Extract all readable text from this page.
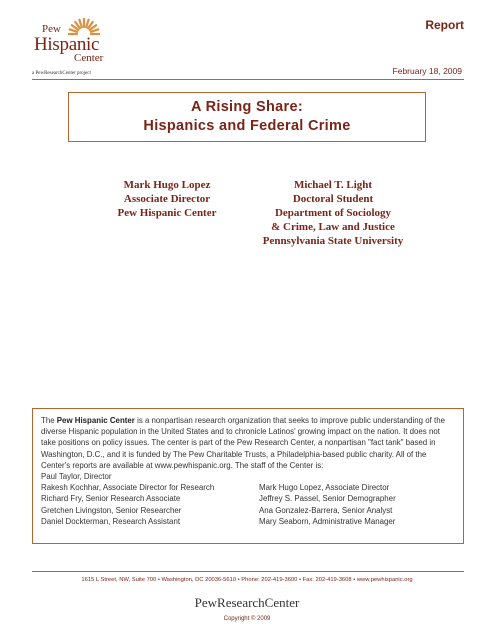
Pew
Hispanic
Center
a PewResearchCenter project
Report
February 18, 2009
A Rising Share:
Hispanics and Federal Crime
Mark Hugo Lopez
Associate Director
Pew Hispanic Center
Michael T. Light
Doctoral Student
Department of Sociology
& Crime, Law and Justice
Pennsylvania State University
The Pew Hispanic Center is a nonpartisan research organization that seeks to improve public understanding of the diverse Hispanic population in the United States and to chronicle Latinos' growing impact on the nation. It does not take positions on policy issues. The center is part of the Pew Research Center, a nonpartisan "fact tank" based in Washington, D.C., and it is funded by The Pew Charitable Trusts, a Philadelphia-based public charity. All of the Center's reports are available at www.pewhispanic.org. The staff of the Center is:
Paul Taylor, Director
Rakesh Kochhar, Associate Director for Research	Mark Hugo Lopez, Associate Director
Richard Fry, Senior Research Associate	Jeffrey S. Passel, Senior Demographer
Gretchen Livingston, Senior Researcher	Ana Gonzalez-Barrera, Senior Analyst
Daniel Dockterman, Research Assistant	Mary Seaborn, Administrative Manager
1615 L Street, NW, Suite 700 • Washington, DC 20036-5610 • Phone: 202-419-3600 • Fax: 202-419-3608 • www.pewhispanic.org
PewResearchCenter
Copyright © 2009
